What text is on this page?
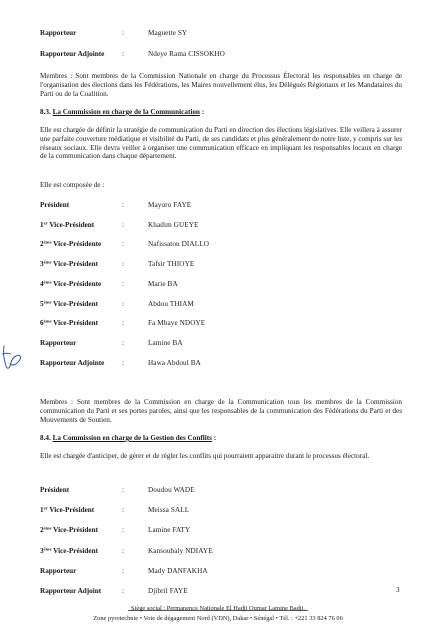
Rapporteur	:	Maguette SY
Rapporteur Adjointe :	Ndeye Rama CISSOKHO
Membres : Sont membres de la Commission Nationale en charge du Processus Électoral les responsables en charge de l'organisation des élections dans les Fédérations, les Maires nouvellement élus, les Délégués Régionaux et les Mandataires du Parti ou de la Coalition.
8.3. La Commission en charge de la Communication :
Elle est chargée de définir la stratégie de communication du Parti en direction des élections législatives. Elle veillera à assurer une parfaite couverture médiatique et visibilité du Parti, de ses candidats et plus généralement de notre liste, y compris sur les réseaux sociaux. Elle devra veiller à organiser une communication efficace en impliquant les responsables locaux en charge de la communication dans chaque département.
Elle est composée de :
Président	:	Mayoro FAYE
1er Vice-Président	:	Khadim GUEYE
2ème Vice-Présidente	:	Nafissatou DIALLO
3ème Vice-Président	:	Tafsir THIOYE
4ème Vice-Présidente	:	Marie BA
5ème Vice-Président	:	Abdou THIAM
6ème Vice-Président	:	Fa Mbaye NDOYE
Rapporteur	:	Lamine BA
Rapporteur Adjointe :	Hawa Abdoul BA
Membres : Sont membres de la Commission en charge de la Communication tous les membres de la Commission communication du Parti et ses portes paroles, ainsi que les responsables de la communication des Fédérations du Parti et des Mouvements de Soutien.
8.4. La Commission en charge de la Gestion des Conflits :
Elle est chargée d'anticiper, de gérer et de régler les conflits qui pourraient apparaitre durant le processus électoral.
Président	:	Doudou WADE
1er Vice-Président	:	Meissa SALL
2ème Vice-Président	:	Lamine FATY
3ème Vice-Président	:	Kansoubaly NDIAYE
Rapporteur	:	Mady DANFAKHA
Rapporteur Adjoint	:	Djibril FAYE	3
Siège social : Permanence Nationale El Hadji Oumar Lamine Badji,
Zone pyrotechnie • Voie de dégagement Nord (VDN), Dakar • Sénégal • Tél. : +221 33 824 76 06
